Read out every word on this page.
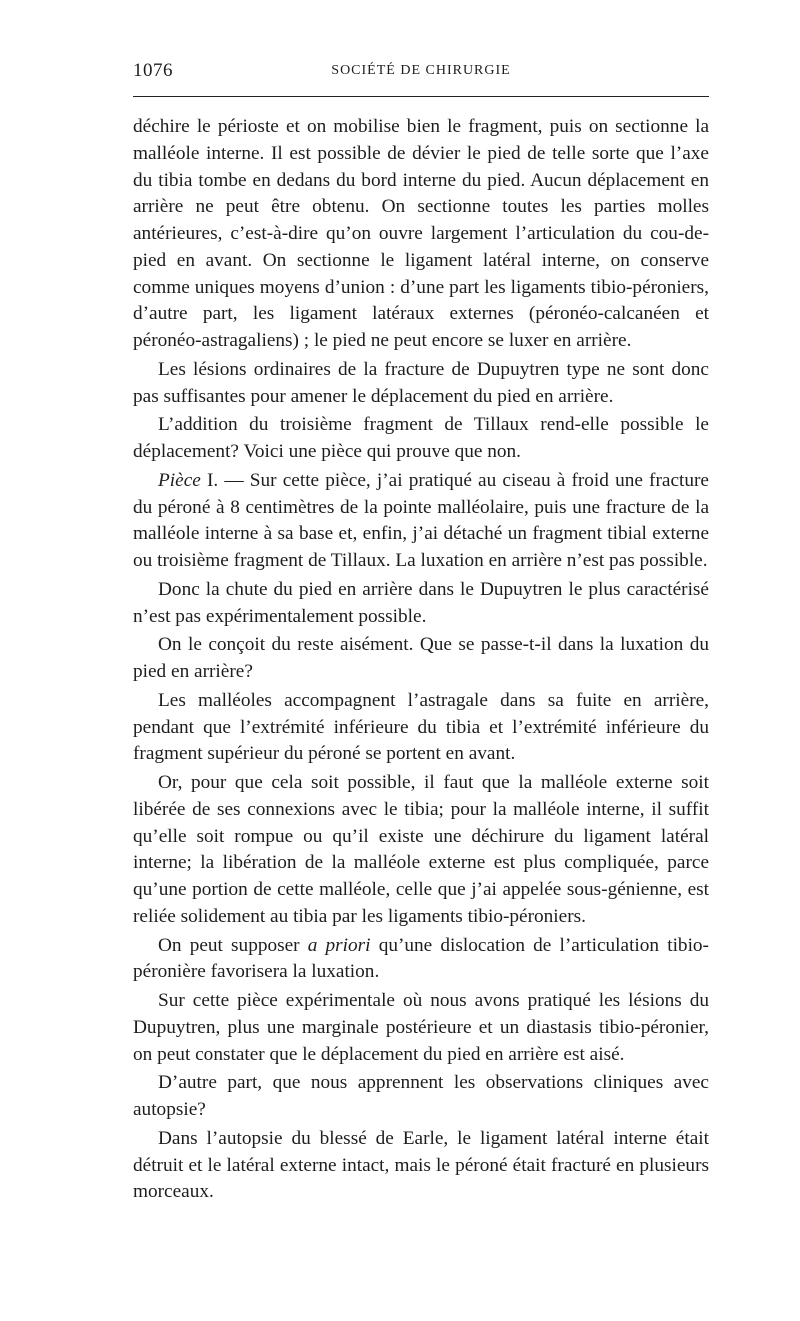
1076	SOCIÉTÉ DE CHIRURGIE

déchire le périoste et on mobilise bien le fragment, puis on sectionne la malléole interne. Il est possible de dévier le pied de telle sorte que l’axe du tibia tombe en dedans du bord interne du pied. Aucun déplacement en arrière ne peut être obtenu. On sectionne toutes les parties molles antérieures, c’est-à-dire qu’on ouvre largement l’articulation du cou-de-pied en avant. On sectionne le ligament latéral interne, on conserve comme uniques moyens d’union : d’une part les ligaments tibio-péroniers, d’autre part, les ligament latéraux externes (péronéo-calcanéen et péronéo-astragaliens) ; le pied ne peut encore se luxer en arrière.

Les lésions ordinaires de la fracture de Dupuytren type ne sont donc pas suffisantes pour amener le déplacement du pied en arrière.

L’addition du troisième fragment de Tillaux rend-elle possible le déplacement? Voici une pièce qui prouve que non.

Pièce I. — Sur cette pièce, j’ai pratiqué au ciseau à froid une fracture du péroné à 8 centimètres de la pointe malléolaire, puis une fracture de la malléole interne à sa base et, enfin, j’ai détaché un fragment tibial externe ou troisième fragment de Tillaux. La luxation en arrière n’est pas possible.

Donc la chute du pied en arrière dans le Dupuytren le plus caractérisé n’est pas expérimentalement possible.

On le conçoit du reste aisément. Que se passe-t-il dans la luxation du pied en arrière?

Les malléoles accompagnent l’astragale dans sa fuite en arrière, pendant que l’extrémité inférieure du tibia et l’extrémité inférieure du fragment supérieur du péroné se portent en avant.

Or, pour que cela soit possible, il faut que la malléole externe soit libérée de ses connexions avec le tibia; pour la malléole interne, il suffit qu’elle soit rompue ou qu’il existe une déchirure du ligament latéral interne; la libération de la malléole externe est plus compliquée, parce qu’une portion de cette malléole, celle que j’ai appelée sous-génienne, est reliée solidement au tibia par les ligaments tibio-péroniers.

On peut supposer a priori qu’une dislocation de l’articulation tibio-péronière favorisera la luxation.

Sur cette pièce expérimentale où nous avons pratiqué les lésions du Dupuytren, plus une marginale postérieure et un diastasis tibio-péronier, on peut constater que le déplacement du pied en arrière est aisé.

D’autre part, que nous apprennent les observations cliniques avec autopsie?

Dans l’autopsie du blessé de Earle, le ligament latéral interne était détruit et le latéral externe intact, mais le péroné était fracturé en plusieurs morceaux.
